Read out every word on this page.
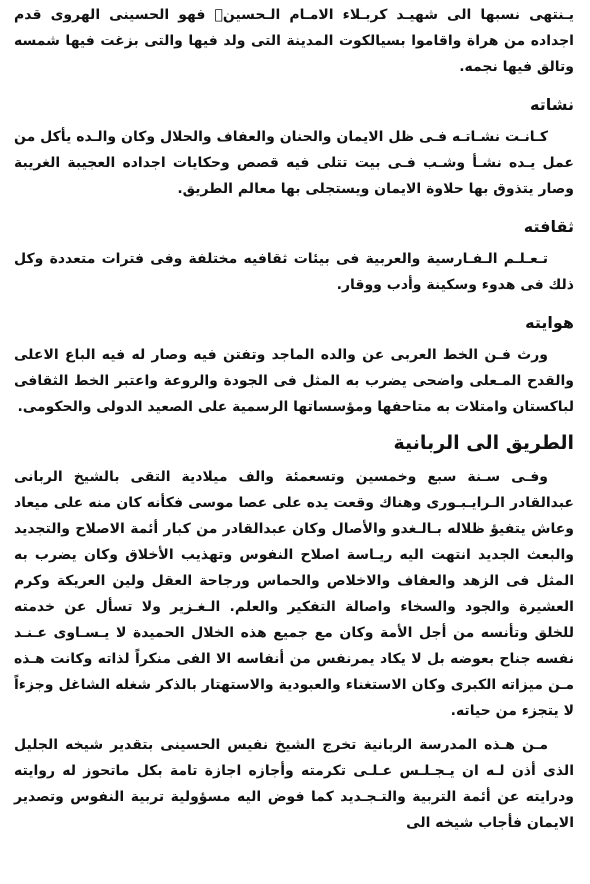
يـنتهى نسبها الى شهيـد كربـلاء الامـام الـحسينؑ فهو الحسينى الهروى قدم اجداده من هراة واقاموا بسيالكوت المدينة التى ولد فيها والتى بزغت فيها شمسه وتالق فيها نجمه.

نشاته

كـانـت نشـاتـه فـى ظل الايمان والحنان والعفاف والحلال وكان والـده يأكل من عمل يـده نشـأ وشـب فـى بيت تتلى فيه قصص وحكايات اجداده العجيبة الغريبة وصار يتذوق بها حلاوة الايمان ويستجلى بها معالم الطريق.

ثقافته

تـعـلـم الـفـارسية والعربية فى بيئات ثقافيه مختلفة وفى فترات متعددة وكل ذلك فى هدوء وسكينة وأدب ووقار.

هوايته

ورث فـن الخط العربى عن والده الماجد وتفتن فيه وصار له فيه الباع الاعلى والقدح المـعلى واضحى يضرب به المثل فى الجودة والروعة واعتبر الخط الثقافى لباكستان وامتلات به متاحفها ومؤسساتها الرسمية على الصعيد الدولى والحكومى.

الطريق الى الربانية

وفـى سـنة سبع وخمسين وتسعمئة والف ميلادية التقى بالشيخ الربانى عبدالقادر الـرايـبـورى وهناك وقعت يده على عصا موسى فكأنه كان منه على ميعاد وعاش يتفيؤ ظلاله بـالـغدو والأصال وكان عبدالقادر من كبار أئمة الاصلاح والتجديد والبعث الجديد انتهت اليه ريـاسة اصلاح النفوس وتهذيب الأخلاق وكان يضرب به المثل فى الزهد والعفاف والاخلاص والحماس ورجاحة العقل ولين العريكة وكرم العشيرة والجود والسخاء واصالة التفكير والعلم. الـغـزير ولا تسأل عن خدمته للخلق وتأنسه من أجل الأمة وكان مع جميع هذه الخلال الحميدة لا يـسـاوى عـنـد نفسه جناح بعوضه بل لا يكاد يمرنفس من أنفاسه الا الفى منكراً لذاته وكانت هـذه مـن ميزاته الكبرى وكان الاستغناء والعبودية والاستهتار بالذكر شغله الشاغل وجزءاً لا يتجزء من حياته.

مـن هـذه المدرسة الربانية تخرج الشيخ نفيس الحسينى بتقدير شيخه الجليل الذى أذن لـه ان يـجـلـس عـلـى تكرمته وأجازه اجازة تامة بكل ماتحوز له روايته ودرايته عن أئمة التربية والتـجـديد كما فوض اليه مسؤولية تربية النفوس وتصدير الايمان فأجاب شيخه الى
